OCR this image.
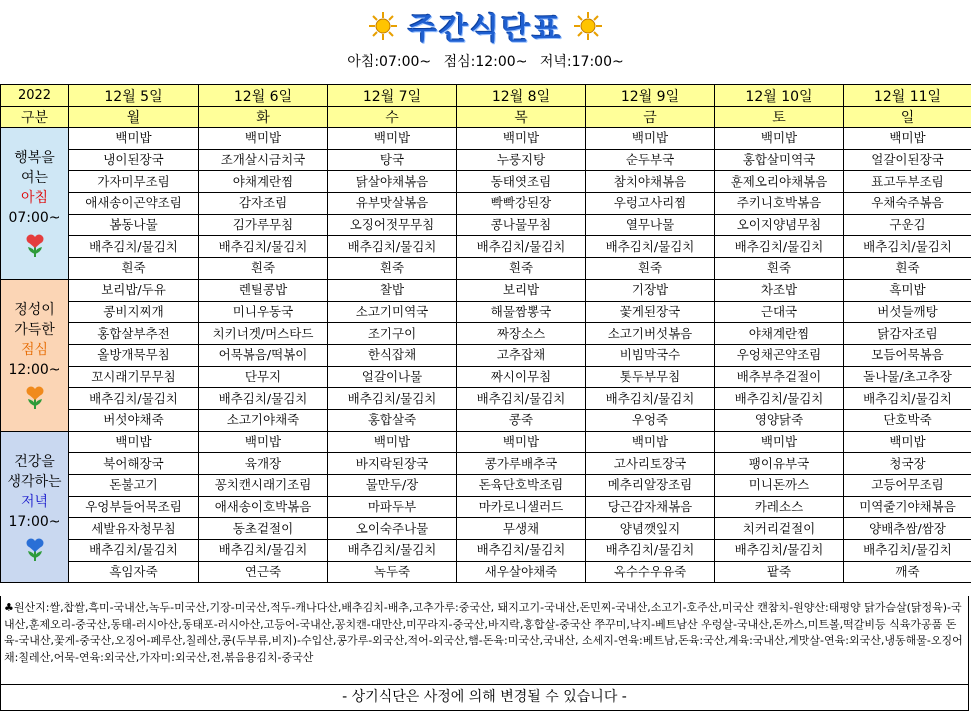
주간식단표
아침:07:00~ 점심:12:00~ 저녁:17:00~
2022	12월 5일	12월 6일	12월 7일	12월 8일	12월 9일	12월 10일	12월 11일
구분	월	화	수	목	금	토	일

행복을
여는
아침
07:00~	백미밥	백미밥	백미밥	백미밥	백미밥	백미밥	백미밥
	냉이된장국	조개살시금치국	탕국	누룽지탕	순두부국	홍합살미역국	얼갈이된장국
	가자미무조림	야채계란찜	닭살야채볶음	동태엿조림	참치야채볶음	훈제오리야채볶음	표고두부조림
	애새송이곤약조림	감자조림	유부맛살볶음	빡빡강된장	우렁고사리찜	주키니호박볶음	우채숙주볶음
	봄동나물	김가루무침	오징어젓무무침	콩나물무침	열무나물	오이지양념무침	구운김
	배추김치/물김치	배추김치/물김치	배추김치/물김치	배추김치/물김치	배추김치/물김치	배추김치/물김치	배추김치/물김치
	흰죽	흰죽	흰죽	흰죽	흰죽	흰죽	흰죽

정성이
가득한
점심
12:00~	보리밥/두유	렌틸콩밥	찰밥	보리밥	기장밥	차조밥	흑미밥
	콩비지찌개	미니우동국	소고기미역국	해물짬뽕국	꽃게된장국	근대국	버섯들깨탕
	홍합살부추전	치키너겟/머스타드	조기구이	짜장소스	소고기버섯볶음	야채계란찜	닭감자조림
	올방개묵무침	어묵볶음/떡볶이	한식잡채	고추잡채	비빔막국수	우엉채곤약조림	모듬어묵볶음
	꼬시래기무무침	단무지	얼갈이나물	짜시이무침	톳두부무침	배추부추겉절이	돌나물/초고추장
	배추김치/물김치	배추김치/물김치	배추김치/물김치	배추김치/물김치	배추김치/물김치	배추김치/물김치	배추김치/물김치
	버섯야채죽	소고기야채죽	홍합살죽	콩죽	우엉죽	영양닭죽	단호박죽

건강을
생각하는
저녁
17:00~	백미밥	백미밥	백미밥	백미밥	백미밥	백미밥	백미밥
	북어해장국	육개장	바지락된장국	콩가루배추국	고사리토장국	팽이유부국	청국장
	돈불고기	꽁치캔시래기조림	물만두/장	돈육단호박조림	메추리알장조림	미니돈까스	고등어무조림
	우엉부들어묵조림	애새송이호박볶음	마파두부	마카로니샐러드	당근감자채볶음	카레소스	미역줄기야채볶음
	세발유자청무침	동초겉절이	오이숙주나물	무생채	양념깻잎지	치커리겉절이	양배추쌈/쌈장
	배추김치/물김치	배추김치/물김치	배추김치/물김치	배추김치/물김치	배추김치/물김치	배추김치/물김치	배추김치/물김치
	흑임자죽	연근죽	녹두죽	새우살야채죽	옥수수우유죽	팥죽	깨죽
♣원산지:쌀,찹쌀,흑미-국내산,녹두-미국산,기장-미국산,적두-캐나다산,배추김치-배추,고추가루:중국산, 돼지고기-국내산,돈민찌-국내산,소고기-호주산,미국산 캔참치-원양산:태평양 닭가슴살(닭정육)-국내산,훈제오리-중국산,동태-러시아산,동태포-러시아산,고등어-국내산,꽁치캔-대만산,미꾸라지-중국산,바지락,홍합살-중국산 쭈꾸미,낙지-베트남산 우렁살-국내산,돈까스,미트볼,떡갈비등 식육가공품 돈육-국내산,꽃게-중국산,오징어-페루산,칠레산,콩(두부류,비지)-수입산,콩가루-외국산,적어-외국산,햄-돈육:미국산,국내산, 소세지-연육:베트남,돈육:국산,계육:국내산,게맛살-연육:외국산,냉동해물-오징어채:칠레산,어묵-연육:외국산,가자미:외국산,전,볶음용김치-중국산
- 상기식단은 사정에 의해 변경될 수 있습니다 -
